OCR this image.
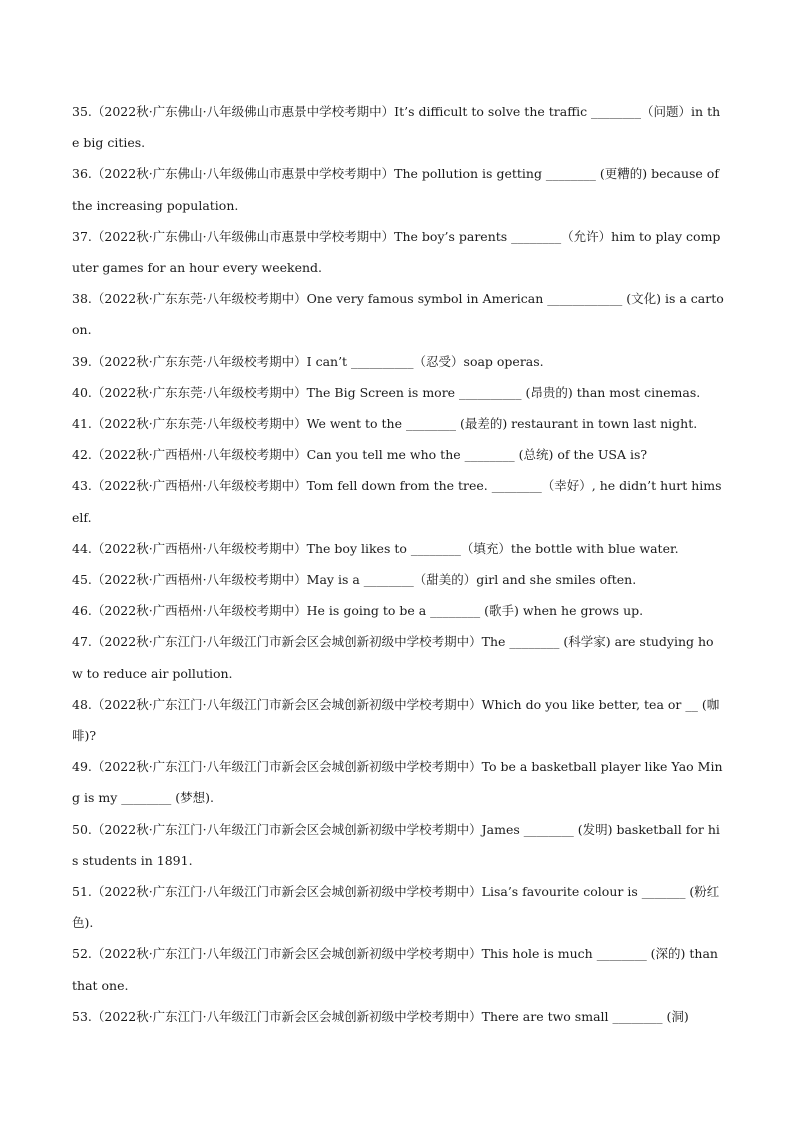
35.（2022秋·广东佛山·八年级佛山市惠景中学校考期中）It’s difficult to solve the traffic ________（问题）in the big cities.
36.（2022秋·广东佛山·八年级佛山市惠景中学校考期中）The pollution is getting ________ (更糟的) because of the increasing population.
37.（2022秋·广东佛山·八年级佛山市惠景中学校考期中）The boy’s parents ________（允许）him to play computer games for an hour every weekend.
38.（2022秋·广东东莞·八年级校考期中）One very famous symbol in American ____________ (文化) is a cartoon.
39.（2022秋·广东东莞·八年级校考期中）I can’t __________（忍受）soap operas.
40.（2022秋·广东东莞·八年级校考期中）The Big Screen is more __________ (昂贵的) than most cinemas.
41.（2022秋·广东东莞·八年级校考期中）We went to the ________ (最差的) restaurant in town last night.
42.（2022秋·广西梧州·八年级校考期中）Can you tell me who the ________ (总统) of the USA is?
43.（2022秋·广西梧州·八年级校考期中）Tom fell down from the tree. ________（幸好）, he didn’t hurt himself.
44.（2022秋·广西梧州·八年级校考期中）The boy likes to ________（填充）the bottle with blue water.
45.（2022秋·广西梧州·八年级校考期中）May is a ________（甜美的）girl and she smiles often.
46.（2022秋·广西梧州·八年级校考期中）He is going to be a ________ (歌手) when he grows up.
47.（2022秋·广东江门·八年级江门市新会区会城创新初级中学校考期中）The ________ (科学家) are studying how to reduce air pollution.
48.（2022秋·广东江门·八年级江门市新会区会城创新初级中学校考期中）Which do you like better, tea or __ (咖啡)?
49.（2022秋·广东江门·八年级江门市新会区会城创新初级中学校考期中）To be a basketball player like Yao Ming is my ________ (梦想).
50.（2022秋·广东江门·八年级江门市新会区会城创新初级中学校考期中）James ________ (发明) basketball for his students in 1891.
51.（2022秋·广东江门·八年级江门市新会区会城创新初级中学校考期中）Lisa’s favourite colour is _______ (粉红色).
52.（2022秋·广东江门·八年级江门市新会区会城创新初级中学校考期中）This hole is much ________ (深的) than that one.
53.（2022秋·广东江门·八年级江门市新会区会城创新初级中学校考期中）There are two small ________ (洞)
